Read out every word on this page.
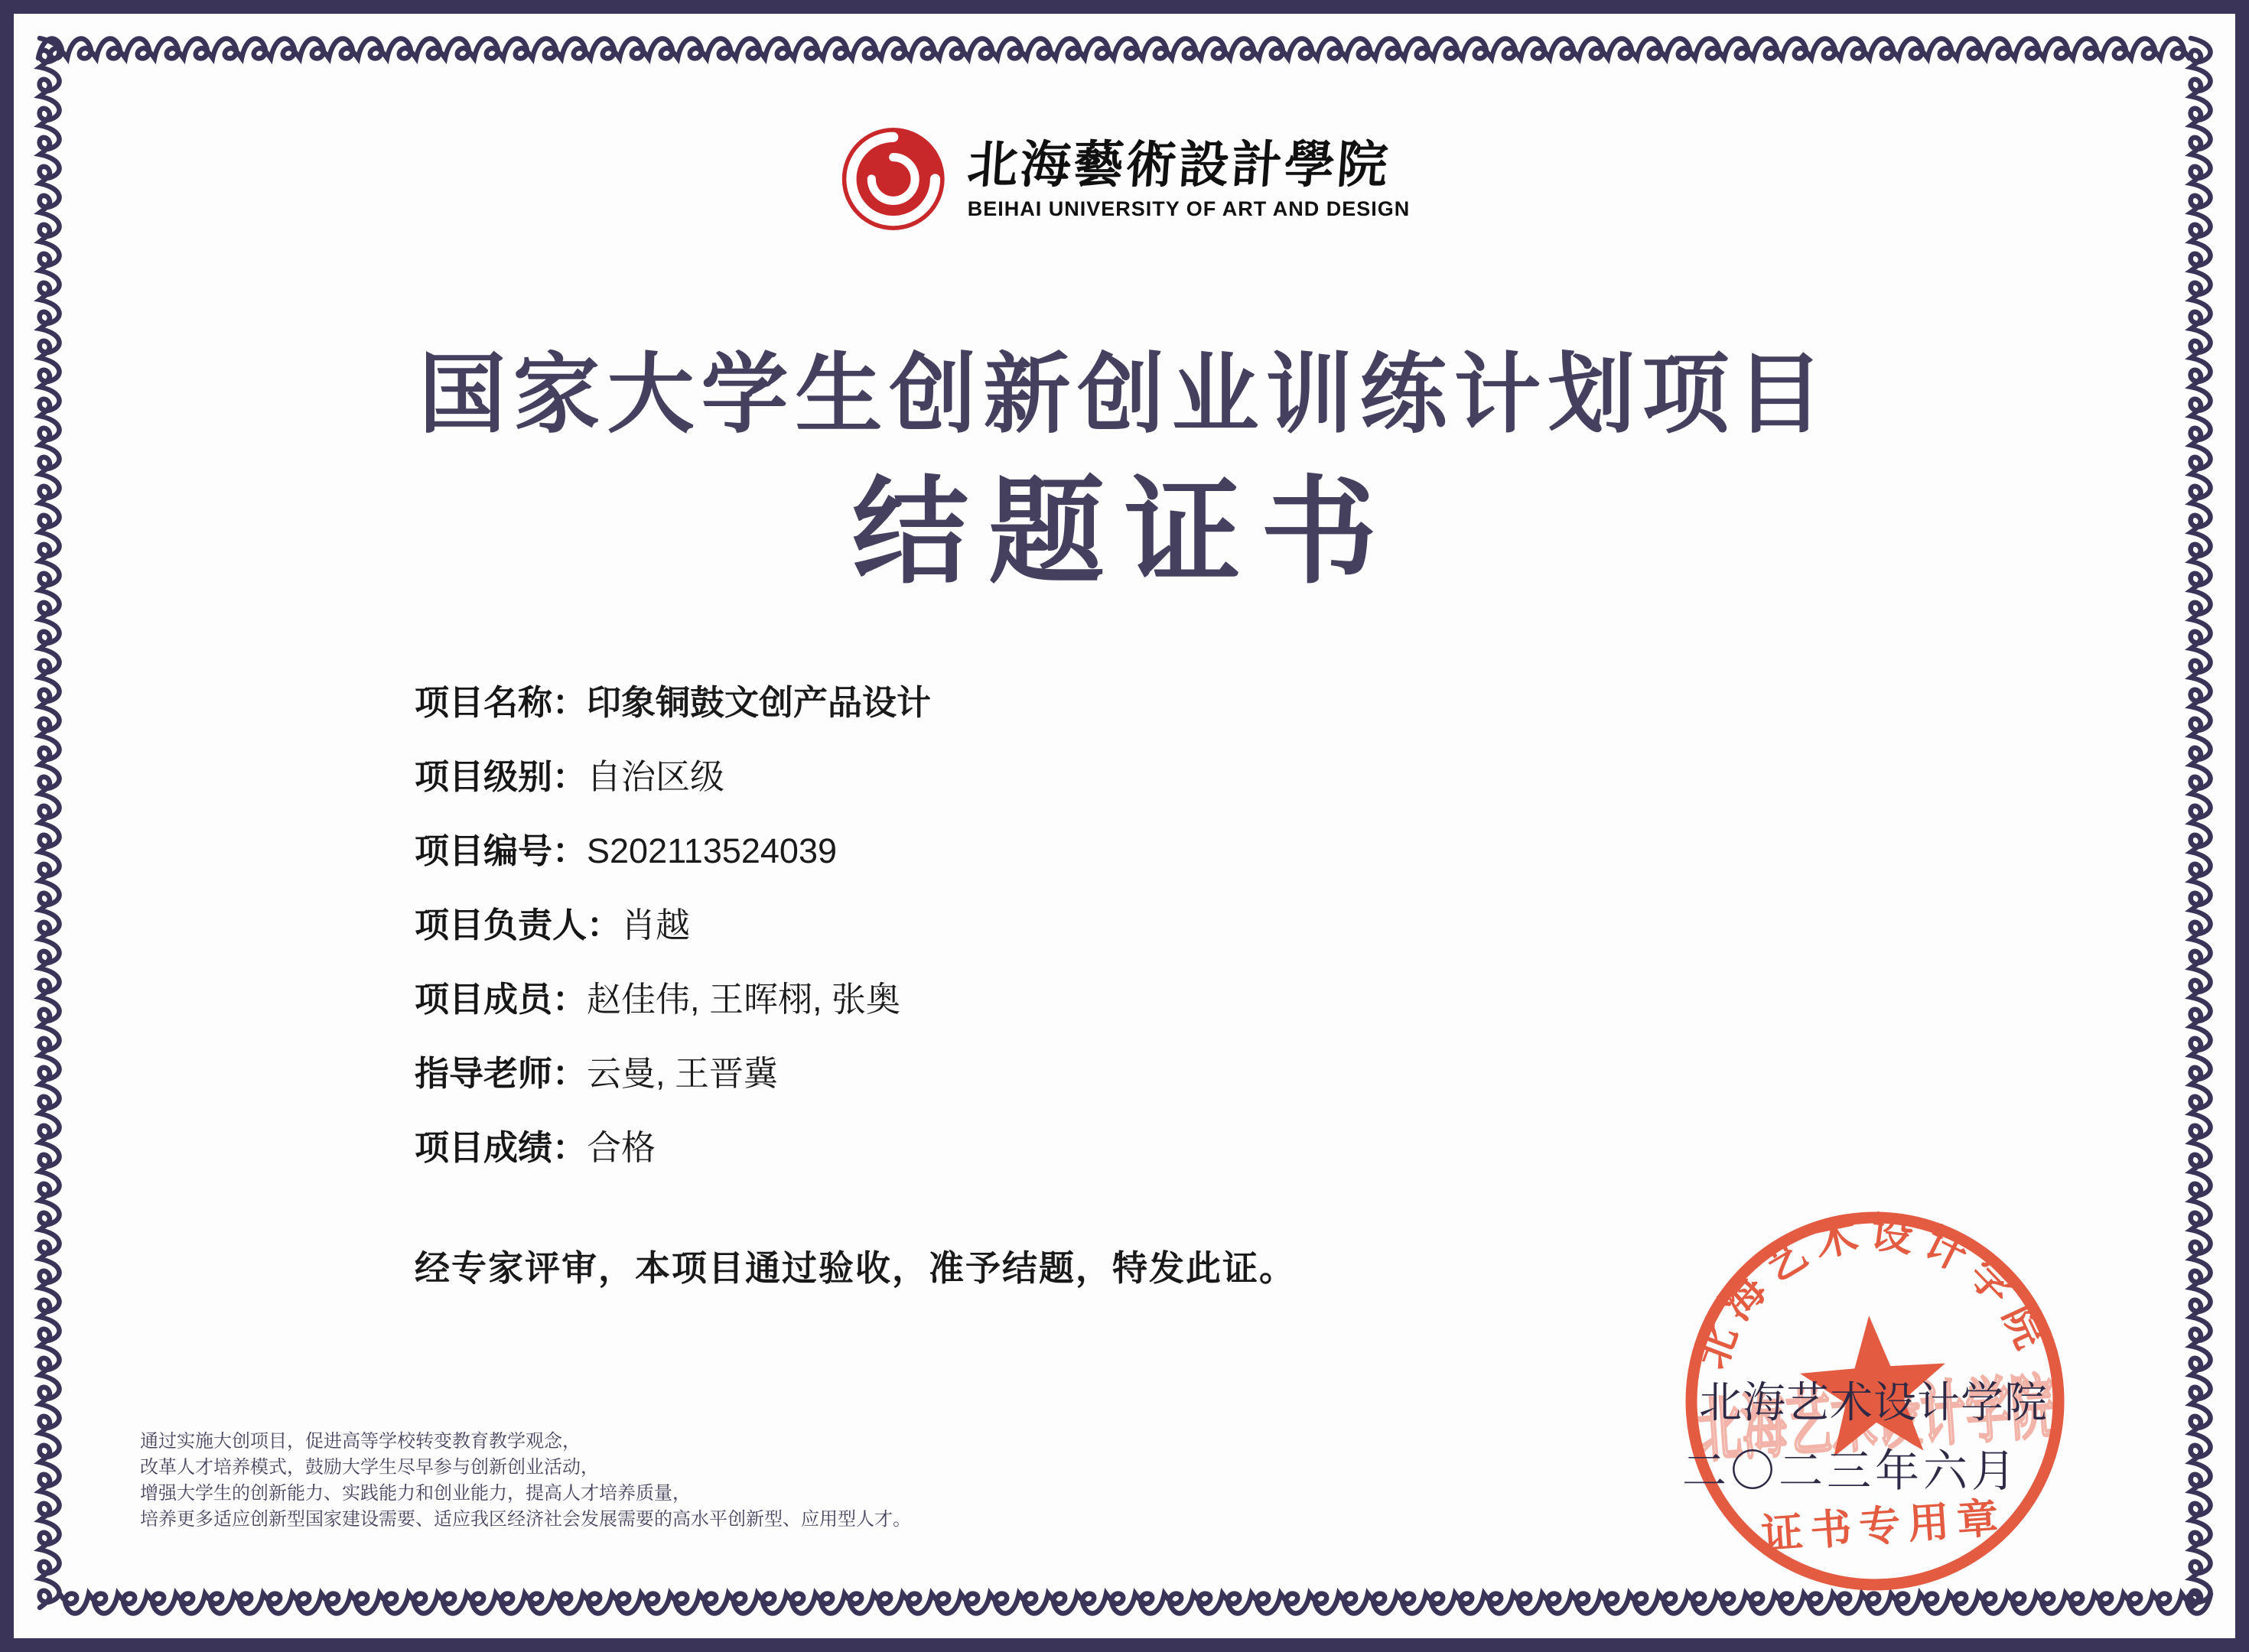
北海藝術設計學院
BEIHAI UNIVERSITY OF ART AND DESIGN
国家大学生创新创业训练计划项目
结题证书
项目名称： 印象铜鼓文创产品设计
项目级别： 自治区级
项目编号： S202113524039
项目负责人： 肖越
项目成员： 赵佳伟, 王晖栩, 张奥
指导老师： 云曼, 王晋冀
项目成绩： 合格

经专家评审，本项目通过验收，准予结题，特发此证。

通过实施大创项目，促进高等学校转变教育教学观念，
改革人才培养模式，鼓励大学生尽早参与创新创业活动，
增强大学生的创新能力、实践能力和创业能力，提高人才培养质量，
培养更多适应创新型国家建设需要、适应我区经济社会发展需要的高水平创新型、应用型人才。
北海艺术设计学院
证书专用章
北海艺术设计学院
二〇二三年六月
